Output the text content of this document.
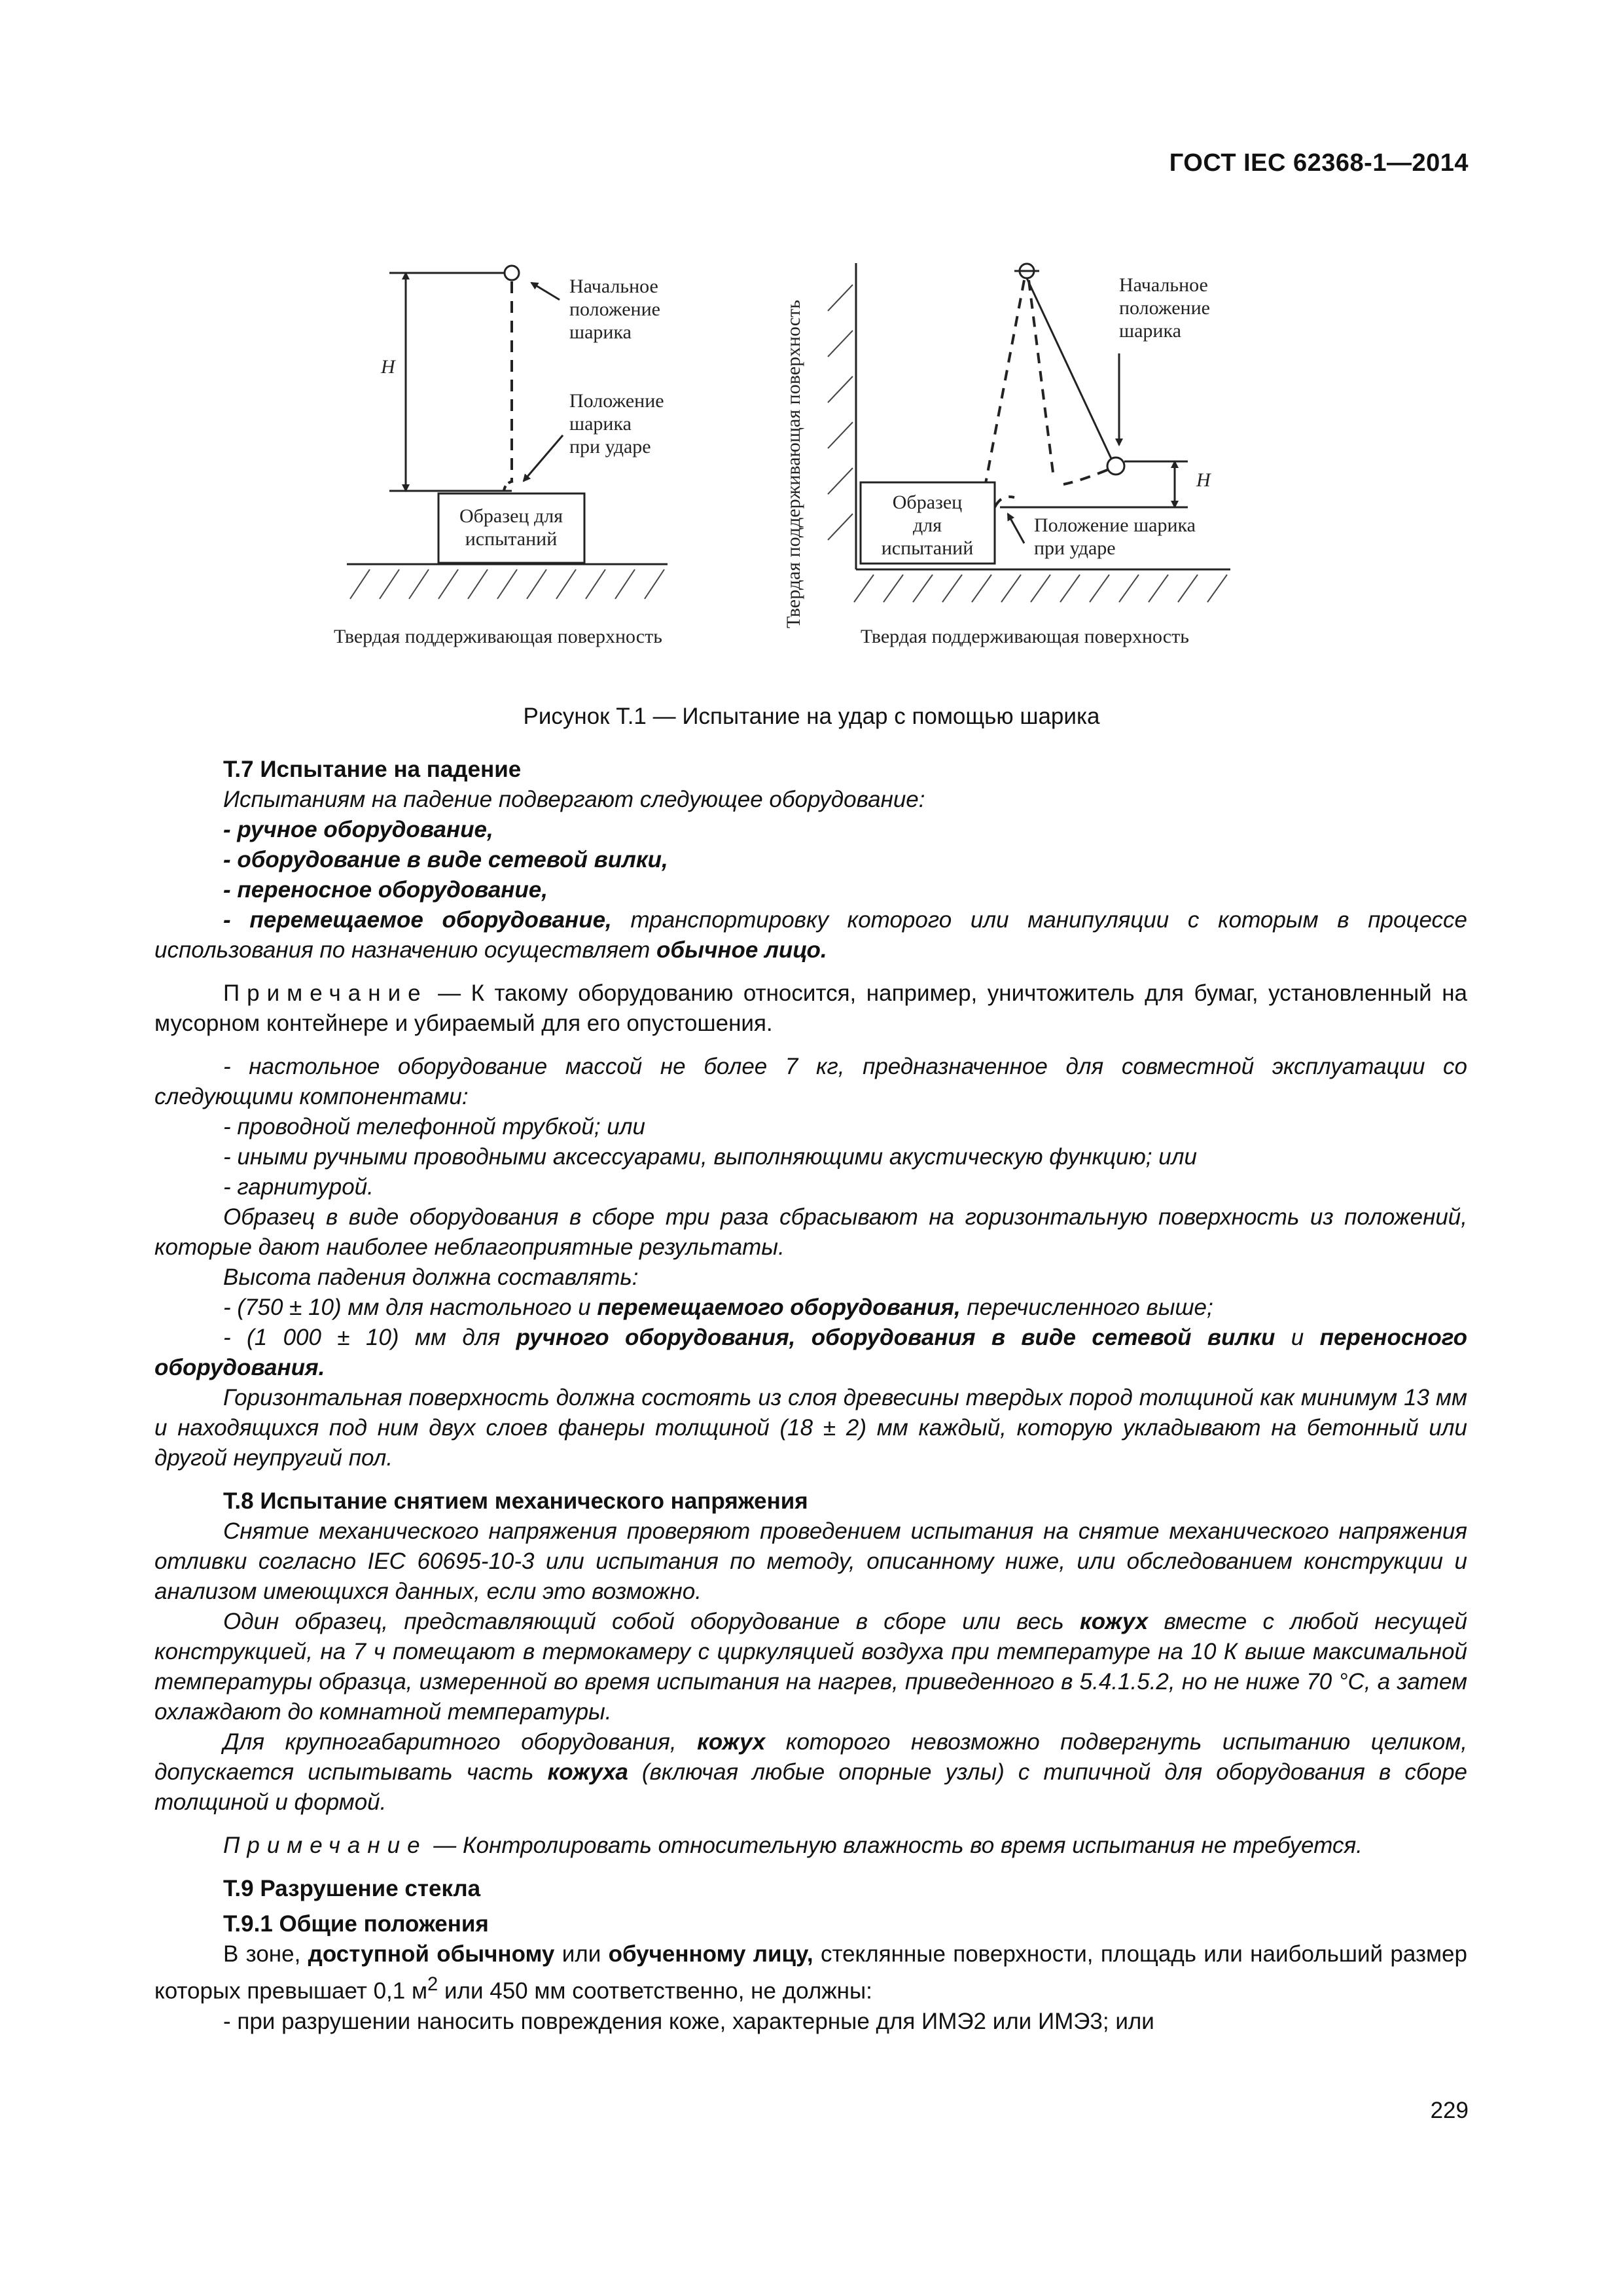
ГОСТ IEC 62368-1—2014
H
Начальное
положение
шарика
Положение
шарика
при ударе
Образец для
испытаний
Твердая поддерживающая поверхность
Твердая поддерживающая поверхность	H
Начальное
положение
шарика
Положение шарика
при ударе
Образец
для
испытаний
Твердая поддерживающая поверхность
Рисунок Т.1 — Испытание на удар с помощью шарика

Т.7 Испытание на падение

Испытаниям на падение подвергают следующее оборудование:

- ручное оборудование,

- оборудование в виде сетевой вилки,

- переносное оборудование,

- перемещаемое оборудование, транспортировку которого или манипуляции с которым в процессе использования по назначению осуществляет обычное лицо.

Примечание — К такому оборудованию относится, например, уничтожитель для бумаг, установленный на мусорном контейнере и убираемый для его опустошения.

- настольное оборудование массой не более 7 кг, предназначенное для совместной эксплуатации со следующими компонентами:

- проводной телефонной трубкой; или

- иными ручными проводными аксессуарами, выполняющими акустическую функцию; или

- гарнитурой.

Образец в виде оборудования в сборе три раза сбрасывают на горизонтальную поверхность из положений, которые дают наиболее неблагоприятные результаты.

Высота падения должна составлять:

- (750 ± 10) мм для настольного и перемещаемого оборудования, перечисленного выше;

- (1 000 ± 10) мм для ручного оборудования, оборудования в виде сетевой вилки и переносного оборудования.

Горизонтальная поверхность должна состоять из слоя древесины твердых пород толщиной как минимум 13 мм и находящихся под ним двух слоев фанеры толщиной (18 ± 2) мм каждый, которую укладывают на бетонный или другой неупругий пол.

Т.8 Испытание снятием механического напряжения

Снятие механического напряжения проверяют проведением испытания на снятие механического напряжения отливки согласно IEC 60695-10-3 или испытания по методу, описанному ниже, или обследованием конструкции и анализом имеющихся данных, если это возможно.

Один образец, представляющий собой оборудование в сборе или весь кожух вместе с любой несущей конструкцией, на 7 ч помещают в термокамеру с циркуляцией воздуха при температуре на 10 К выше максимальной температуры образца, измеренной во время испытания на нагрев, приведенного в 5.4.1.5.2, но не ниже 70 °С, а затем охлаждают до комнатной температуры.

Для крупногабаритного оборудования, кожух которого невозможно подвергнуть испытанию целиком, допускается испытывать часть кожуха (включая любые опорные узлы) с типичной для оборудования в сборе толщиной и формой.

Примечание — Контролировать относительную влажность во время испытания не требуется.

Т.9 Разрушение стекла

Т.9.1 Общие положения

В зоне, доступной обычному или обученному лицу, стеклянные поверхности, площадь или наибольший размер которых превышает 0,1 $м^2$ или 450 мм соответственно, не должны:

- при разрушении наносить повреждения коже, характерные для ИМЭ2 или ИМЭ3; или

229
